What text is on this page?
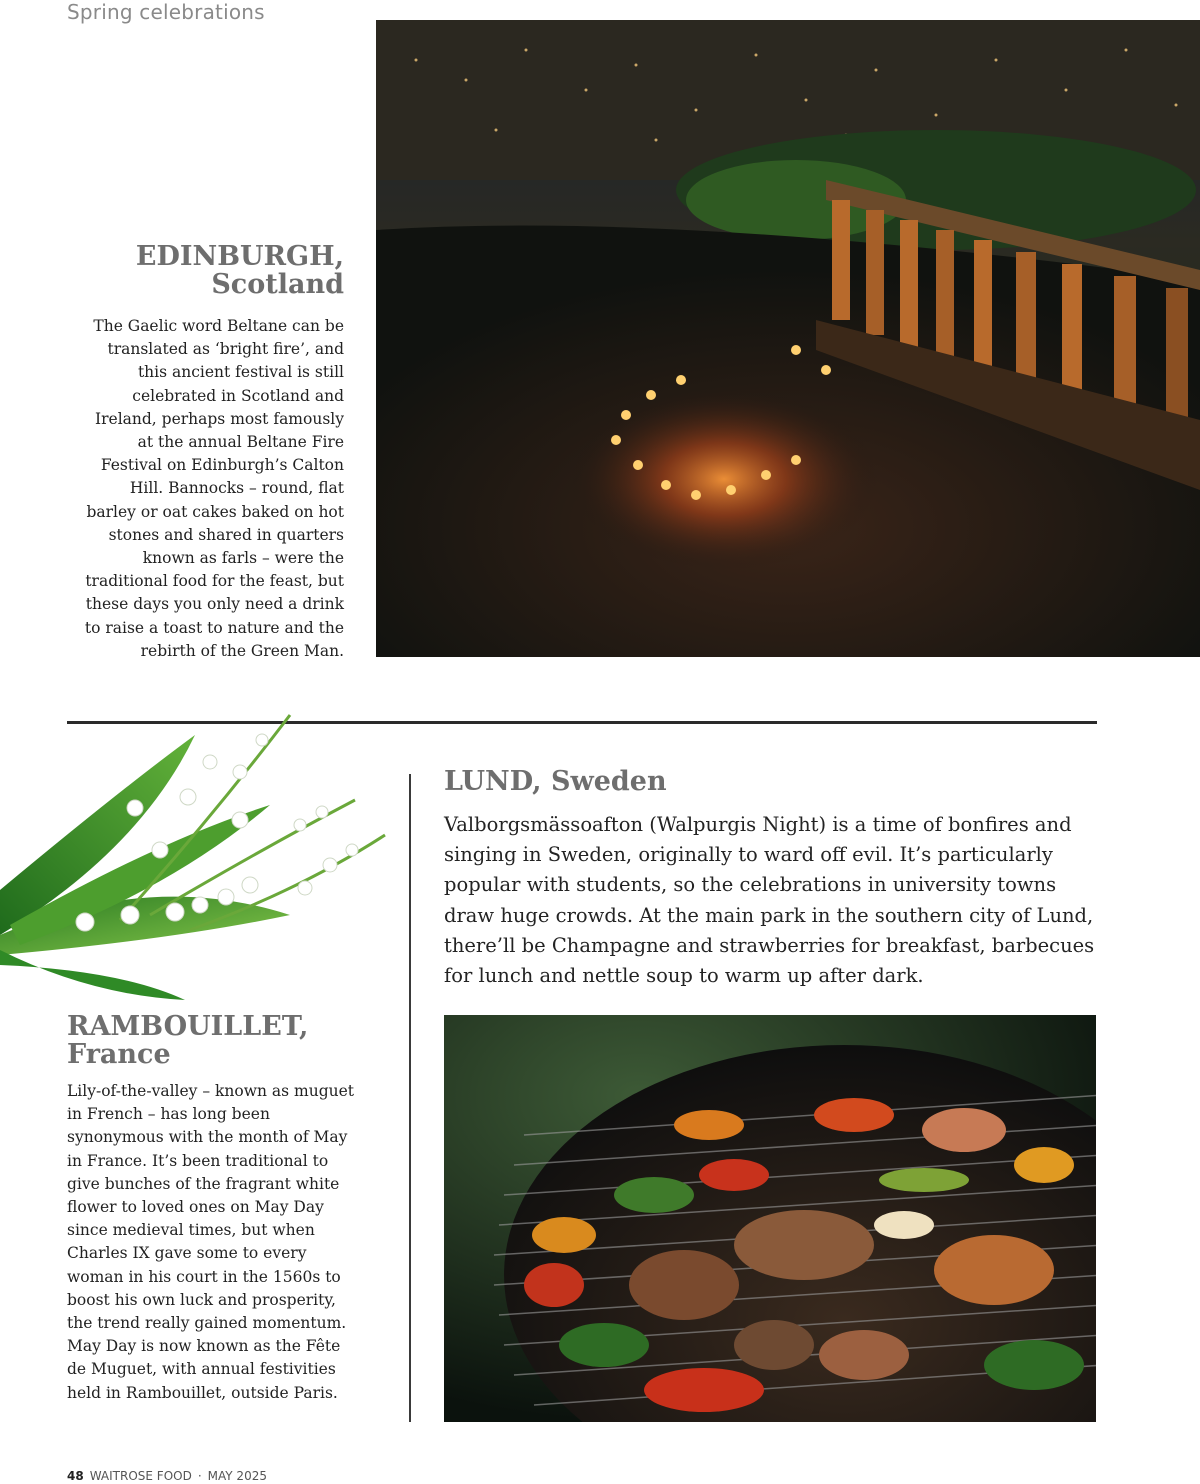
Spring celebrations
EDINBURGH,
Scotland
The Gaelic word Beltane can be translated as ‘bright fire’, and this ancient festival is still celebrated in Scotland and Ireland, perhaps most famously at the annual Beltane Fire Festival on Edinburgh’s Calton Hill. Bannocks – round, flat barley or oat cakes baked on hot stones and shared in quarters known as farls – were the traditional food for the feast, but these days you only need a drink to raise a toast to nature and the rebirth of the Green Man.
LUND, Sweden
Valborgsmässoafton (Walpurgis Night) is a time of bonfires and singing in Sweden, originally to ward off evil. It’s particularly popular with students, so the celebrations in university towns draw huge crowds. At the main park in the southern city of Lund, there’ll be Champagne and strawberries for breakfast, barbecues for lunch and nettle soup to warm up after dark.
RAMBOUILLET,
France
Lily-of-the-valley – known as muguet in French – has long been synonymous with the month of May in France. It’s been traditional to give bunches of the fragrant white flower to loved ones on May Day since medieval times, but when Charles IX gave some to every woman in his court in the 1560s to boost his own luck and prosperity, the trend really gained momentum. May Day is now known as the Fête de Muguet, with annual festivities held in Rambouillet, outside Paris.
48 WAITROSE FOOD · MAY 2025
